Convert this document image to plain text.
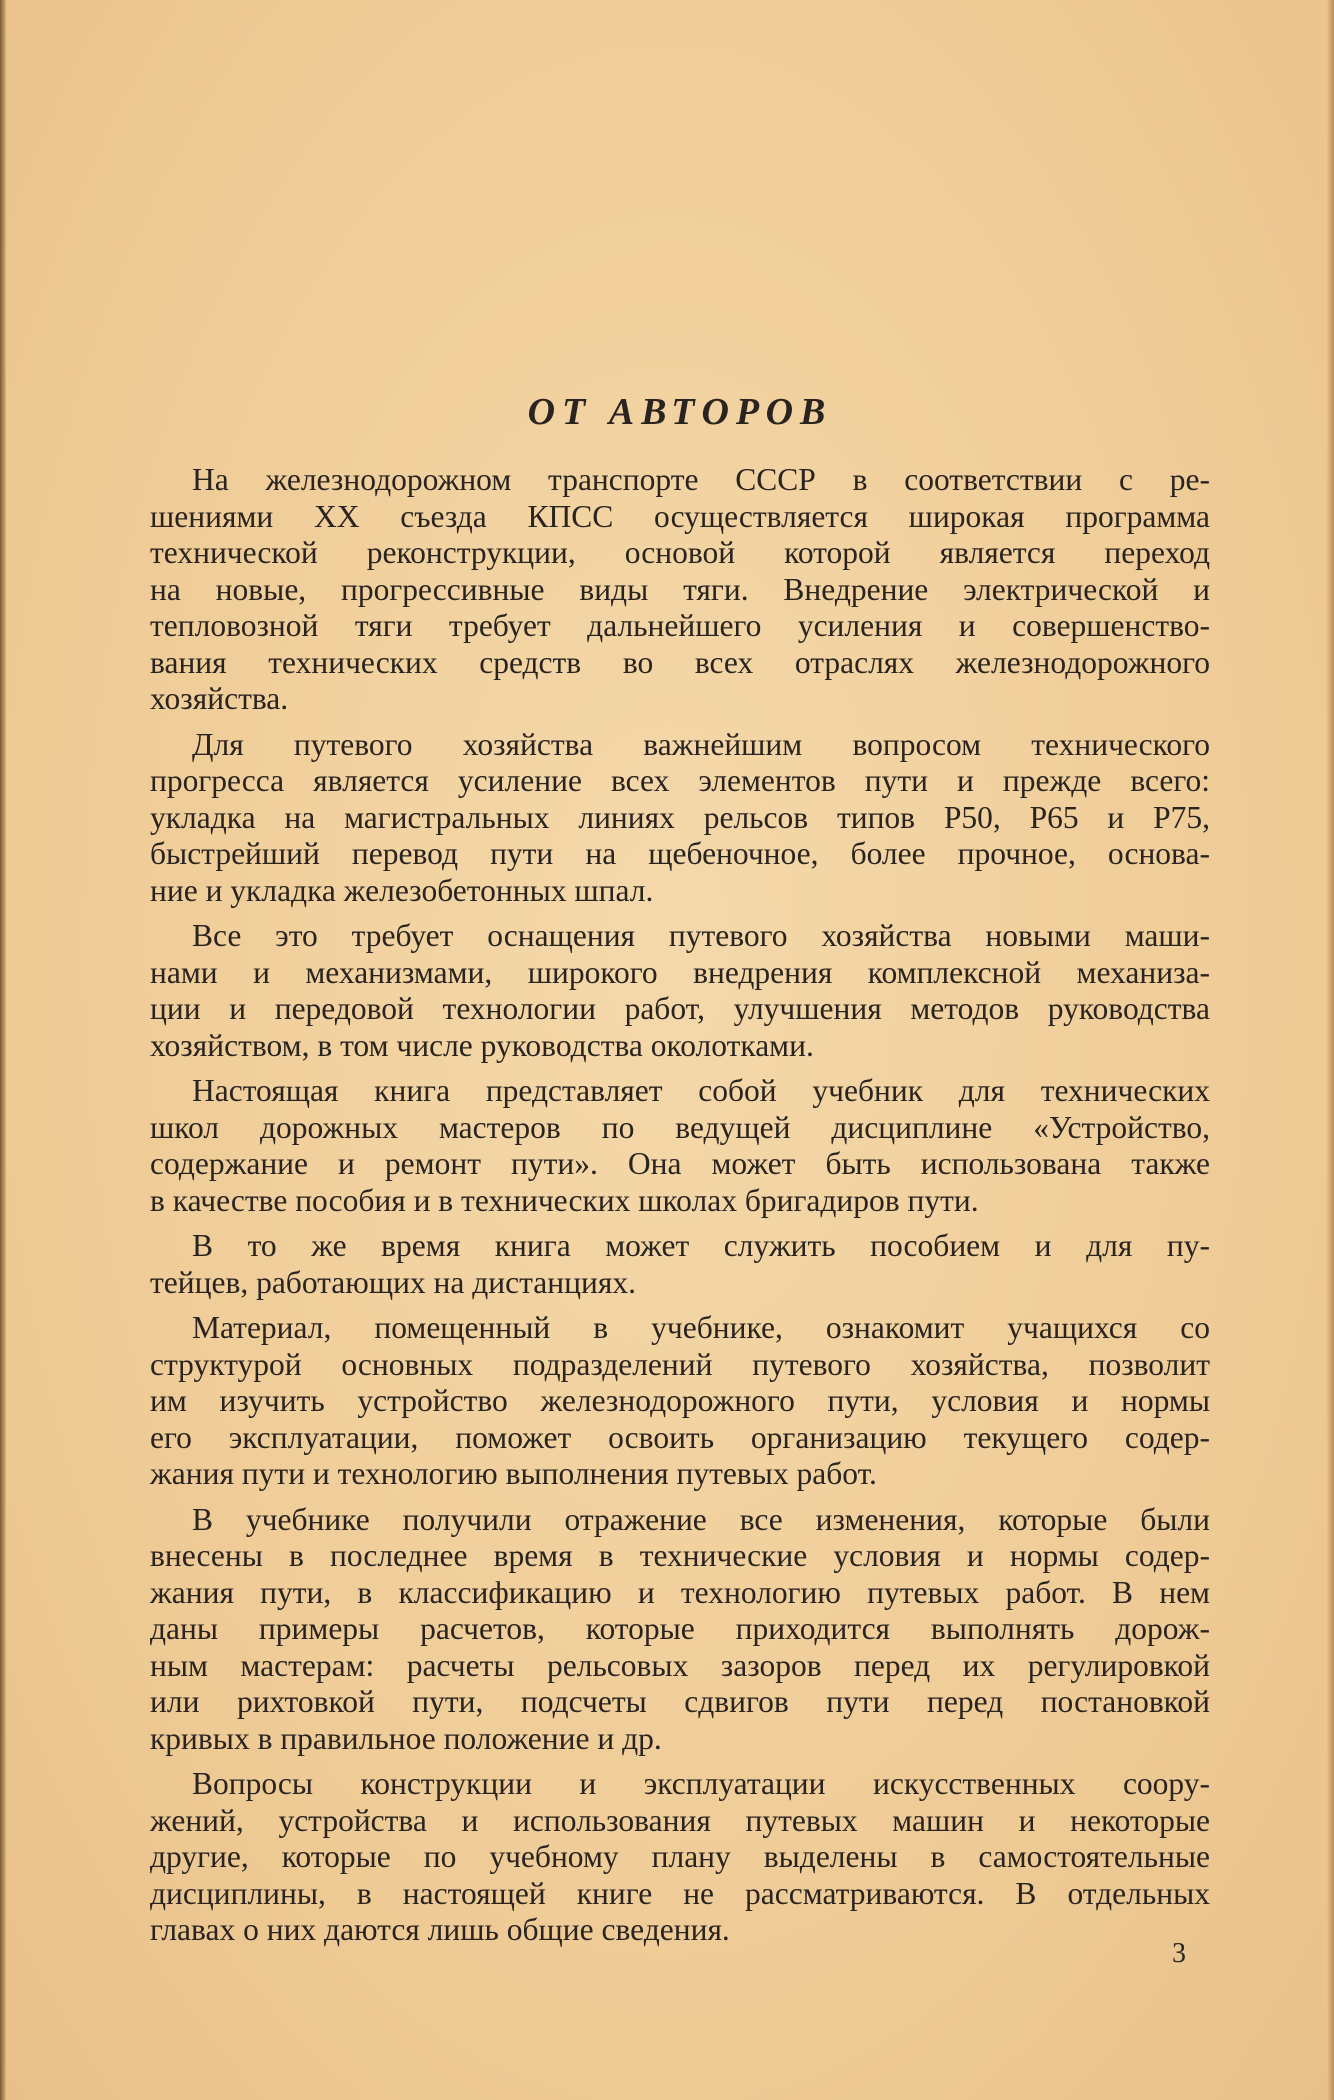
ОТ АВТОРОВ

На железнодорожном транспорте СССР в соответствии с ре-
шениями XX съезда КПСС осуществляется широкая программа
технической реконструкции, основой которой является переход
на новые, прогрессивные виды тяги. Внедрение электрической и
тепловозной тяги требует дальнейшего усиления и совершенство-
вания технических средств во всех отраслях железнодорожного
хозяйства.

Для путевого хозяйства важнейшим вопросом технического
прогресса является усиление всех элементов пути и прежде всего:
укладка на магистральных линиях рельсов типов Р50, Р65 и Р75,
быстрейший перевод пути на щебеночное, более прочное, основа-
ние и укладка железобетонных шпал.

Все это требует оснащения путевого хозяйства новыми маши-
нами и механизмами, широкого внедрения комплексной механиза-
ции и передовой технологии работ, улучшения методов руководства
хозяйством, в том числе руководства околотками.

Настоящая книга представляет собой учебник для технических
школ дорожных мастеров по ведущей дисциплине «Устройство,
содержание и ремонт пути». Она может быть использована также
в качестве пособия и в технических школах бригадиров пути.

В то же время книга может служить пособием и для пу-
тейцев, работающих на дистанциях.

Материал, помещенный в учебнике, ознакомит учащихся со
структурой основных подразделений путевого хозяйства, позволит
им изучить устройство железнодорожного пути, условия и нормы
его эксплуатации, поможет освоить организацию текущего содер-
жания пути и технологию выполнения путевых работ.

В учебнике получили отражение все изменения, которые были
внесены в последнее время в технические условия и нормы содер-
жания пути, в классификацию и технологию путевых работ. В нем
даны примеры расчетов, которые приходится выполнять дорож-
ным мастерам: расчеты рельсовых зазоров перед их регулировкой
или рихтовкой пути, подсчеты сдвигов пути перед постановкой
кривых в правильное положение и др.

Вопросы конструкции и эксплуатации искусственных соору-
жений, устройства и использования путевых машин и некоторые
другие, которые по учебному плану выделены в самостоятельные
дисциплины, в настоящей книге не рассматриваются. В отдельных
главах о них даются лишь общие сведения.

3
